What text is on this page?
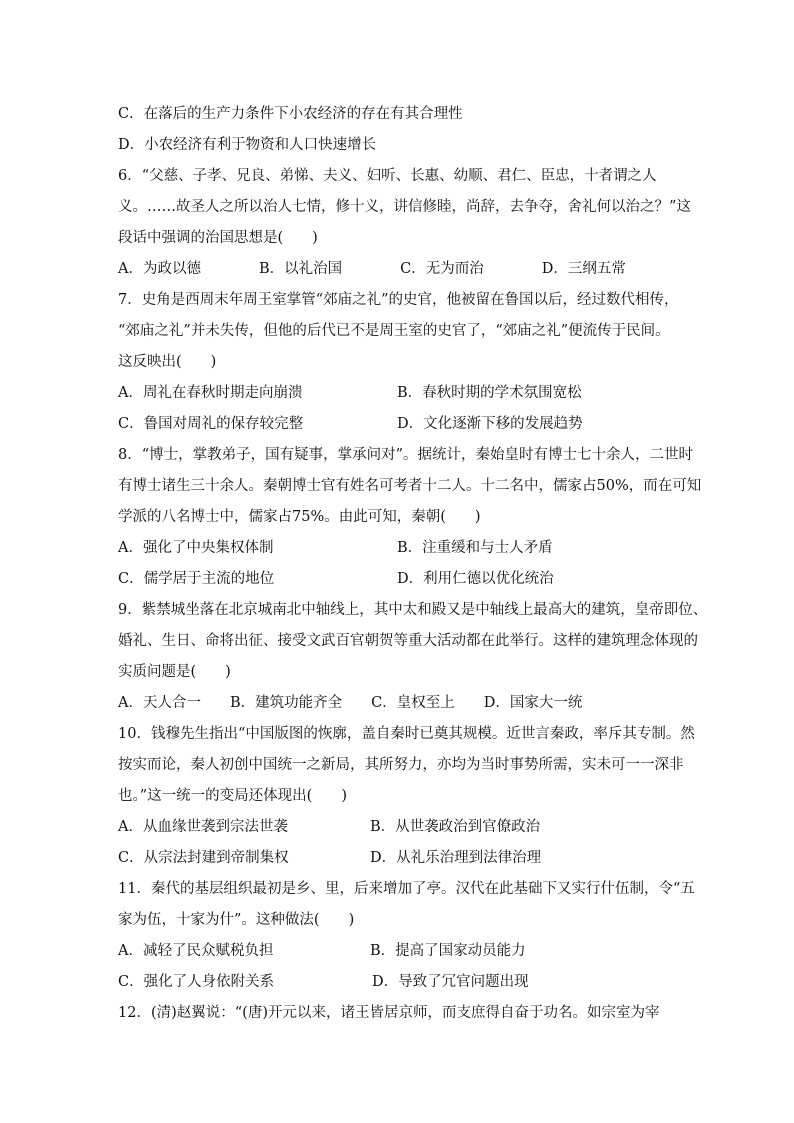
C．在落后的生产力条件下小农经济的存在有其合理性
D．小农经济有利于物资和人口快速增长
6．“父慈、子孝、兄良、弟悌、夫义、妇听、长惠、幼顺、君仁、臣忠，十者谓之人
义。……故圣人之所以治人七情，修十义，讲信修睦，尚辞，去争夺，舍礼何以治之？”这
段话中强调的治国思想是(　　)
A．为政以德　　　　B．以礼治国　　　　C．无为而治　　　　D．三纲五常
7．史角是西周末年周王室掌管“郊庙之礼”的史官，他被留在鲁国以后，经过数代相传，
“郊庙之礼”并未失传，但他的后代已不是周王室的史官了，“郊庙之礼”便流传于民间。
这反映出(　　)
A．周礼在春秋时期走向崩溃	B．春秋时期的学术氛围宽松
C．鲁国对周礼的保存较完整	D．文化逐渐下移的发展趋势
8．“博士，掌教弟子，国有疑事，掌承问对”。据统计，秦始皇时有博士七十余人，二世时
有博士诸生三十余人。秦朝博士官有姓名可考者十二人。十二名中，儒家占50%，而在可知
学派的八名博士中，儒家占75%。由此可知，秦朝(　　)
A．强化了中央集权体制	B．注重缓和与士人矛盾
C．儒学居于主流的地位	D．利用仁德以优化统治
9．紫禁城坐落在北京城南北中轴线上，其中太和殿又是中轴线上最高大的建筑，皇帝即位、
婚礼、生日、命将出征、接受文武百官朝贺等重大活动都在此举行。这样的建筑理念体现的
实质问题是(　　)
A．天人合一　　B．建筑功能齐全　　C．皇权至上　　D．国家大一统
10．钱穆先生指出“中国版图的恢廓，盖自秦时已奠其规模。近世言秦政，率斥其专制。然
按实而论，秦人初创中国统一之新局，其所努力，亦均为当时事势所需，实未可一一深非
也。”这一统一的变局还体现出(　　)
A．从血缘世袭到宗法世袭	B．从世袭政治到官僚政治
C．从宗法封建到帝制集权	D．从礼乐治理到法律治理
11．秦代的基层组织最初是乡、里，后来增加了亭。汉代在此基础下又实行什伍制，令“五
家为伍，十家为什”。这种做法(　　)
A．减轻了民众赋税负担	B．提高了国家动员能力
C．强化了人身依附关系	D．导致了冗官问题出现
12．(清)赵翼说：“(唐)开元以来，诸王皆居京师，而支庶得自奋于功名。如宗室为宰
